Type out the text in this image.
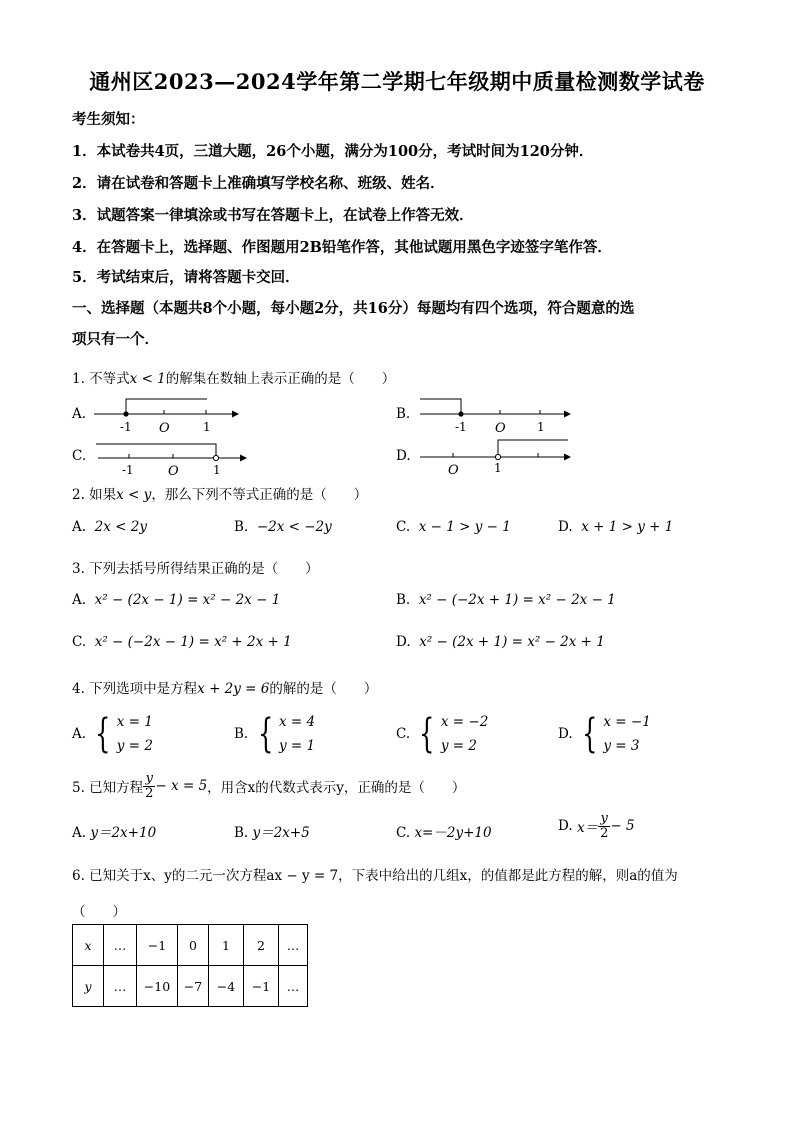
通州区2023—2024学年第二学期七年级期中质量检测数学试卷
考生须知：
1．本试卷共4页，三道大题，26个小题，满分为100分，考试时间为120分钟．
2．请在试卷和答题卡上准确填写学校名称、班级、姓名．
3．试题答案一律填涂或书写在答题卡上，在试卷上作答无效．
4．在答题卡上，选择题、作图题用2B铅笔作答，其他试题用黑色字迹签字笔作答．
5．考试结束后，请将答题卡交回．
一、选择题（本题共8个小题，每小题2分，共16分）每题均有四个选项，符合题意的选
项只有一个．
1. 不等式x < 1的解集在数轴上表示正确的是（　　）
A.
-1 O	1
B.
-1 O	1
C.
-1	O	1
D.
O	1
2. 如果x < y，那么下列不等式正确的是（　　）
A. 2x < 2y	B. −2x < −2y	C. x − 1 > y − 1	D. x + 1 > y + 1
3. 下列去括号所得结果正确的是（　　）
A. x² − (2x − 1) = x² − 2x − 1	B. x² − (−2x + 1) = x² − 2x − 1
C. x² − (−2x − 1) = x² + 2x + 1	D. x² − (2x + 1) = x² − 2x + 1
4. 下列选项中是方程x + 2y = 6的解的是（　　）
A. { x = 1
y = 2
B. { x = 4
y = 1
C. { x = −2
y = 2
D. { x = −1
y = 3
5. 已知方程 $\frac{y}{2} - x = 5$，用含x的代数式表示y，正确的是（　　）
A. y＝2x+10	B. y＝2x+5	C. x=－2y+10	D. $x= \frac{y}{2} - 5$
6. 已知关于x、y的二元一次方程ax − y = 7，下表中给出的几组x，的值都是此方程的解，则a的值为
（　　）
x	…	−1	0	1	2	…
y	…	−10	−7	−4	−1	…
